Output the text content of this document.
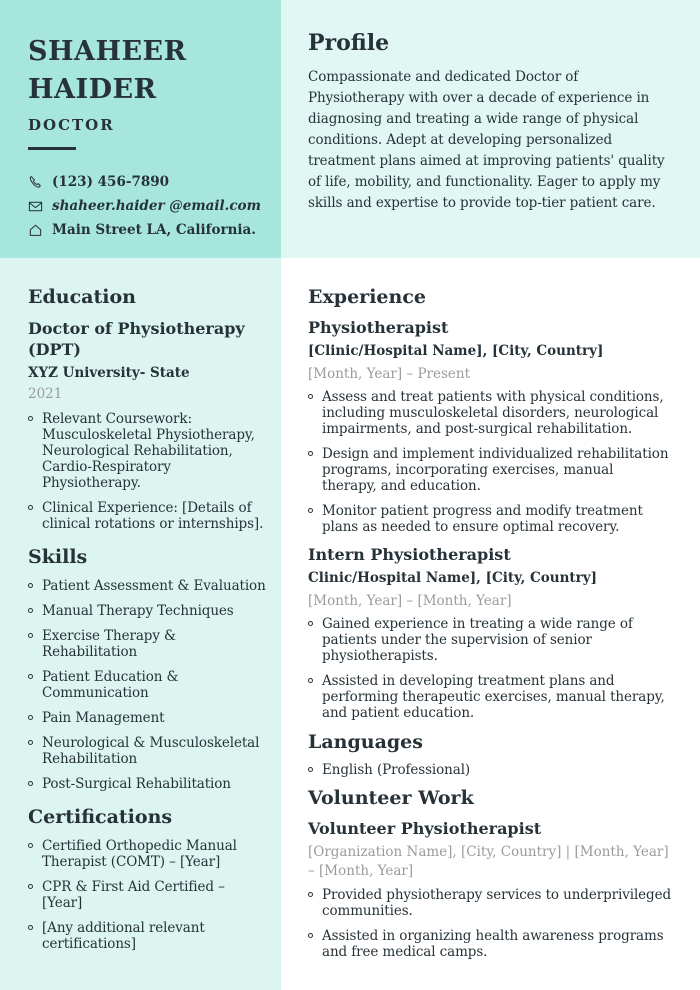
SHAHEER
HAIDER
DOCTOR
(123) 456-7890
shaheer.haider @email.com
Main Street LA, California.
Profile
Compassionate and dedicated Doctor of Physiotherapy with over a decade of experience in diagnosing and treating a wide range of physical conditions. Adept at developing personalized treatment plans aimed at improving patients' quality of life, mobility, and functionality. Eager to apply my skills and expertise to provide top-tier patient care.
Education
Doctor of Physiotherapy (DPT)
XYZ University- State
2021
Relevant Coursework: Musculoskeletal Physiotherapy, Neurological Rehabilitation, Cardio-Respiratory Physiotherapy.
Clinical Experience: [Details of clinical rotations or internships].
Skills
Patient Assessment & Evaluation
Manual Therapy Techniques
Exercise Therapy & Rehabilitation
Patient Education & Communication
Pain Management
Neurological & Musculoskeletal Rehabilitation
Post-Surgical Rehabilitation
Certifications
Certified Orthopedic Manual Therapist (COMT) – [Year]
CPR & First Aid Certified – [Year]
[Any additional relevant certifications]
Experience
Physiotherapist
[Clinic/Hospital Name], [City, Country]
[Month, Year] – Present
Assess and treat patients with physical conditions, including musculoskeletal disorders, neurological impairments, and post-surgical rehabilitation.
Design and implement individualized rehabilitation programs, incorporating exercises, manual therapy, and education.
Monitor patient progress and modify treatment plans as needed to ensure optimal recovery.
Intern Physiotherapist
Clinic/Hospital Name], [City, Country]
[Month, Year] – [Month, Year]
Gained experience in treating a wide range of patients under the supervision of senior physiotherapists.
Assisted in developing treatment plans and performing therapeutic exercises, manual therapy, and patient education.
Languages
English (Professional)
Volunteer Work
Volunteer Physiotherapist
[Organization Name], [City, Country] | [Month, Year] – [Month, Year]
Provided physiotherapy services to underprivileged communities.
Assisted in organizing health awareness programs and free medical camps.
